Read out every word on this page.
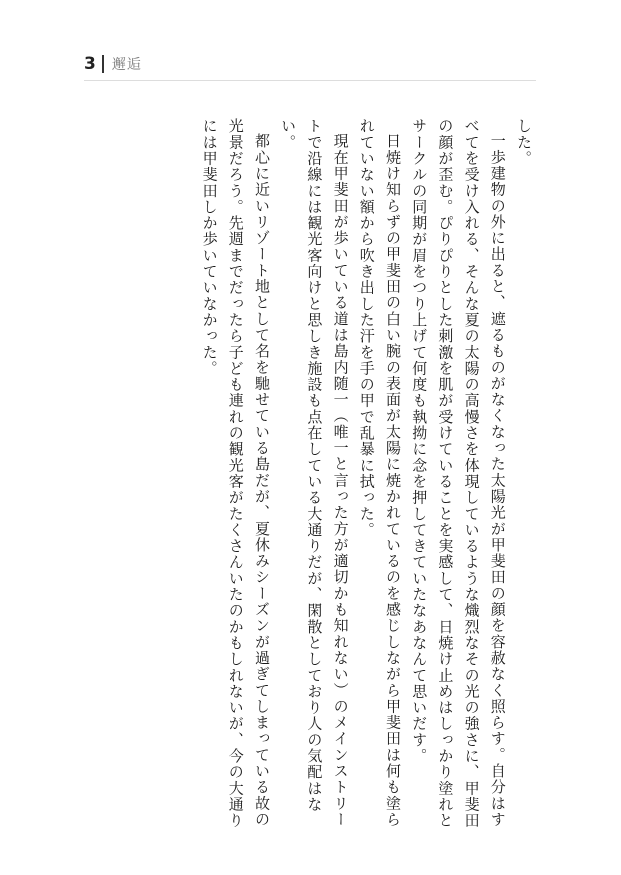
3 邂逅

した。

一歩建物の外に出ると、遮るものがなくなった太陽光が甲斐田の顔を容赦なく照らす。自分はすべてを受け入れる、そんな夏の太陽の高慢さを体現しているような熾烈なその光の強さに、甲斐田の顔が歪む。ぴりぴりとした刺激を肌が受けていることを実感して、日焼け止めはしっかり塗れとサークルの同期が眉をつり上げて何度も執拗に念を押してきていたなあなんて思いだす。

日焼け知らずの甲斐田の白い腕の表面が太陽に焼かれているのを感じしながら甲斐田は何も塗られていない額から吹き出した汗を手の甲で乱暴に拭った。

現在甲斐田が歩いている道は島内随一（唯一と言った方が適切かも知れない）のメインストリートで沿線には観光客向けと思しき施設も点在している大通りだが、閑散としており人の気配はない。

都心に近いリゾート地として名を馳せている島だが、夏休みシーズンが過ぎてしまっている故の光景だろう。先週までだったら子ども連れの観光客がたくさんいたのかもしれないが、今の大通りには甲斐田しか歩いていなかった。
